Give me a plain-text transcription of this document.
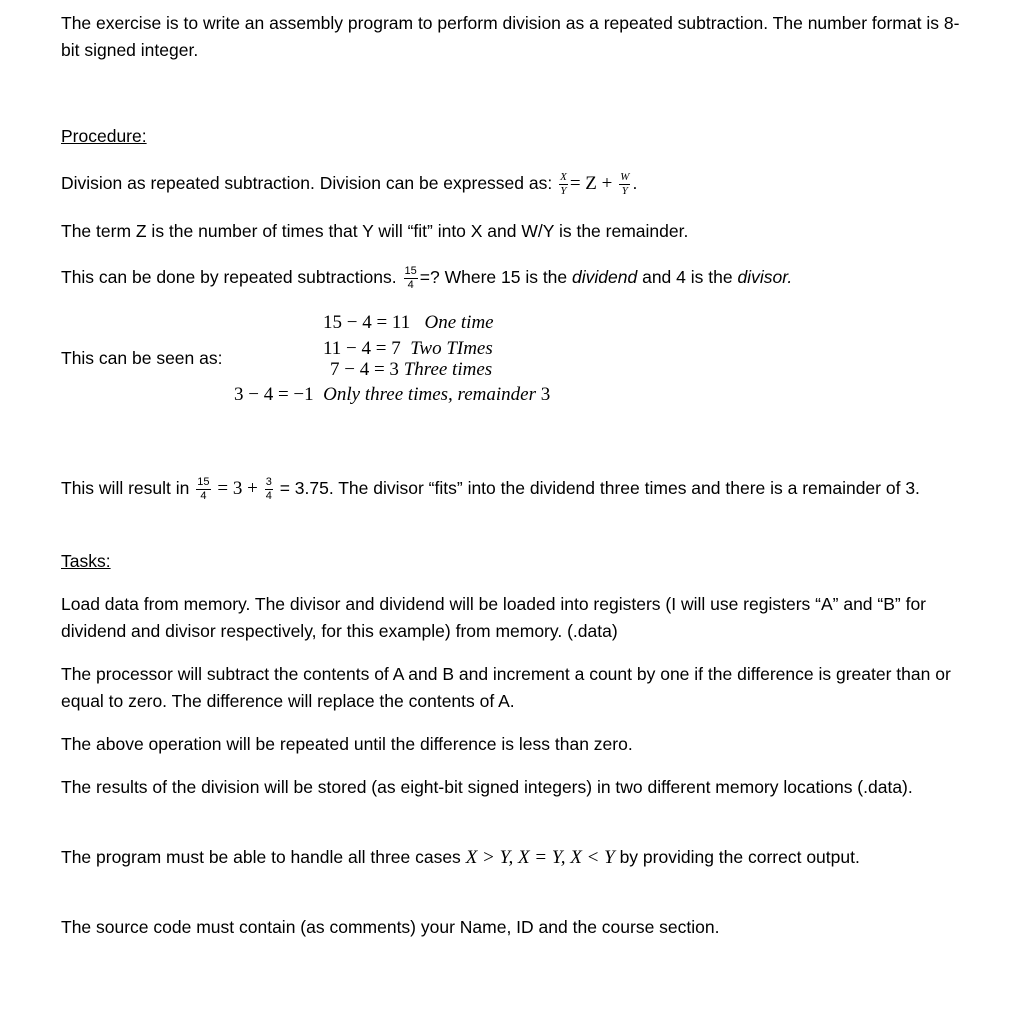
The exercise is to write an assembly program to perform division as a repeated subtraction. The number format is 8-bit signed integer.

Procedure:

Division as repeated subtraction. Division can be expressed as: $\frac{X}{Y} = Z + \frac{W}{Y}$ .

The term Z is the number of times that Y will “fit” into X and W/Y is the remainder.

This can be done by repeated subtractions. $\frac{15}{4}$ =? Where 15 is the dividend and 4 is the divisor.

This can be seen as:
15 − 4 = 11 One time
11 − 4 = 7 Two TImes
7 − 4 = 3 Three times
3 − 4 = −1 Only three times, remainder 3

This will result in $\frac{15}{4} = 3 + \frac{3}{4} = 3.75$. The divisor “fits” into the dividend three times and there is a remainder of 3.

Tasks:

Load data from memory. The divisor and dividend will be loaded into registers (I will use registers “A” and “B” for dividend and divisor respectively, for this example) from memory. (.data)

The processor will subtract the contents of A and B and increment a count by one if the difference is greater than or equal to zero. The difference will replace the contents of A.

The above operation will be repeated until the difference is less than zero.

The results of the division will be stored (as eight-bit signed integers) in two different memory locations (.data).

The program must be able to handle all three cases X > Y, X = Y, X < Y by providing the correct output.

The source code must contain (as comments) your Name, ID and the course section.
